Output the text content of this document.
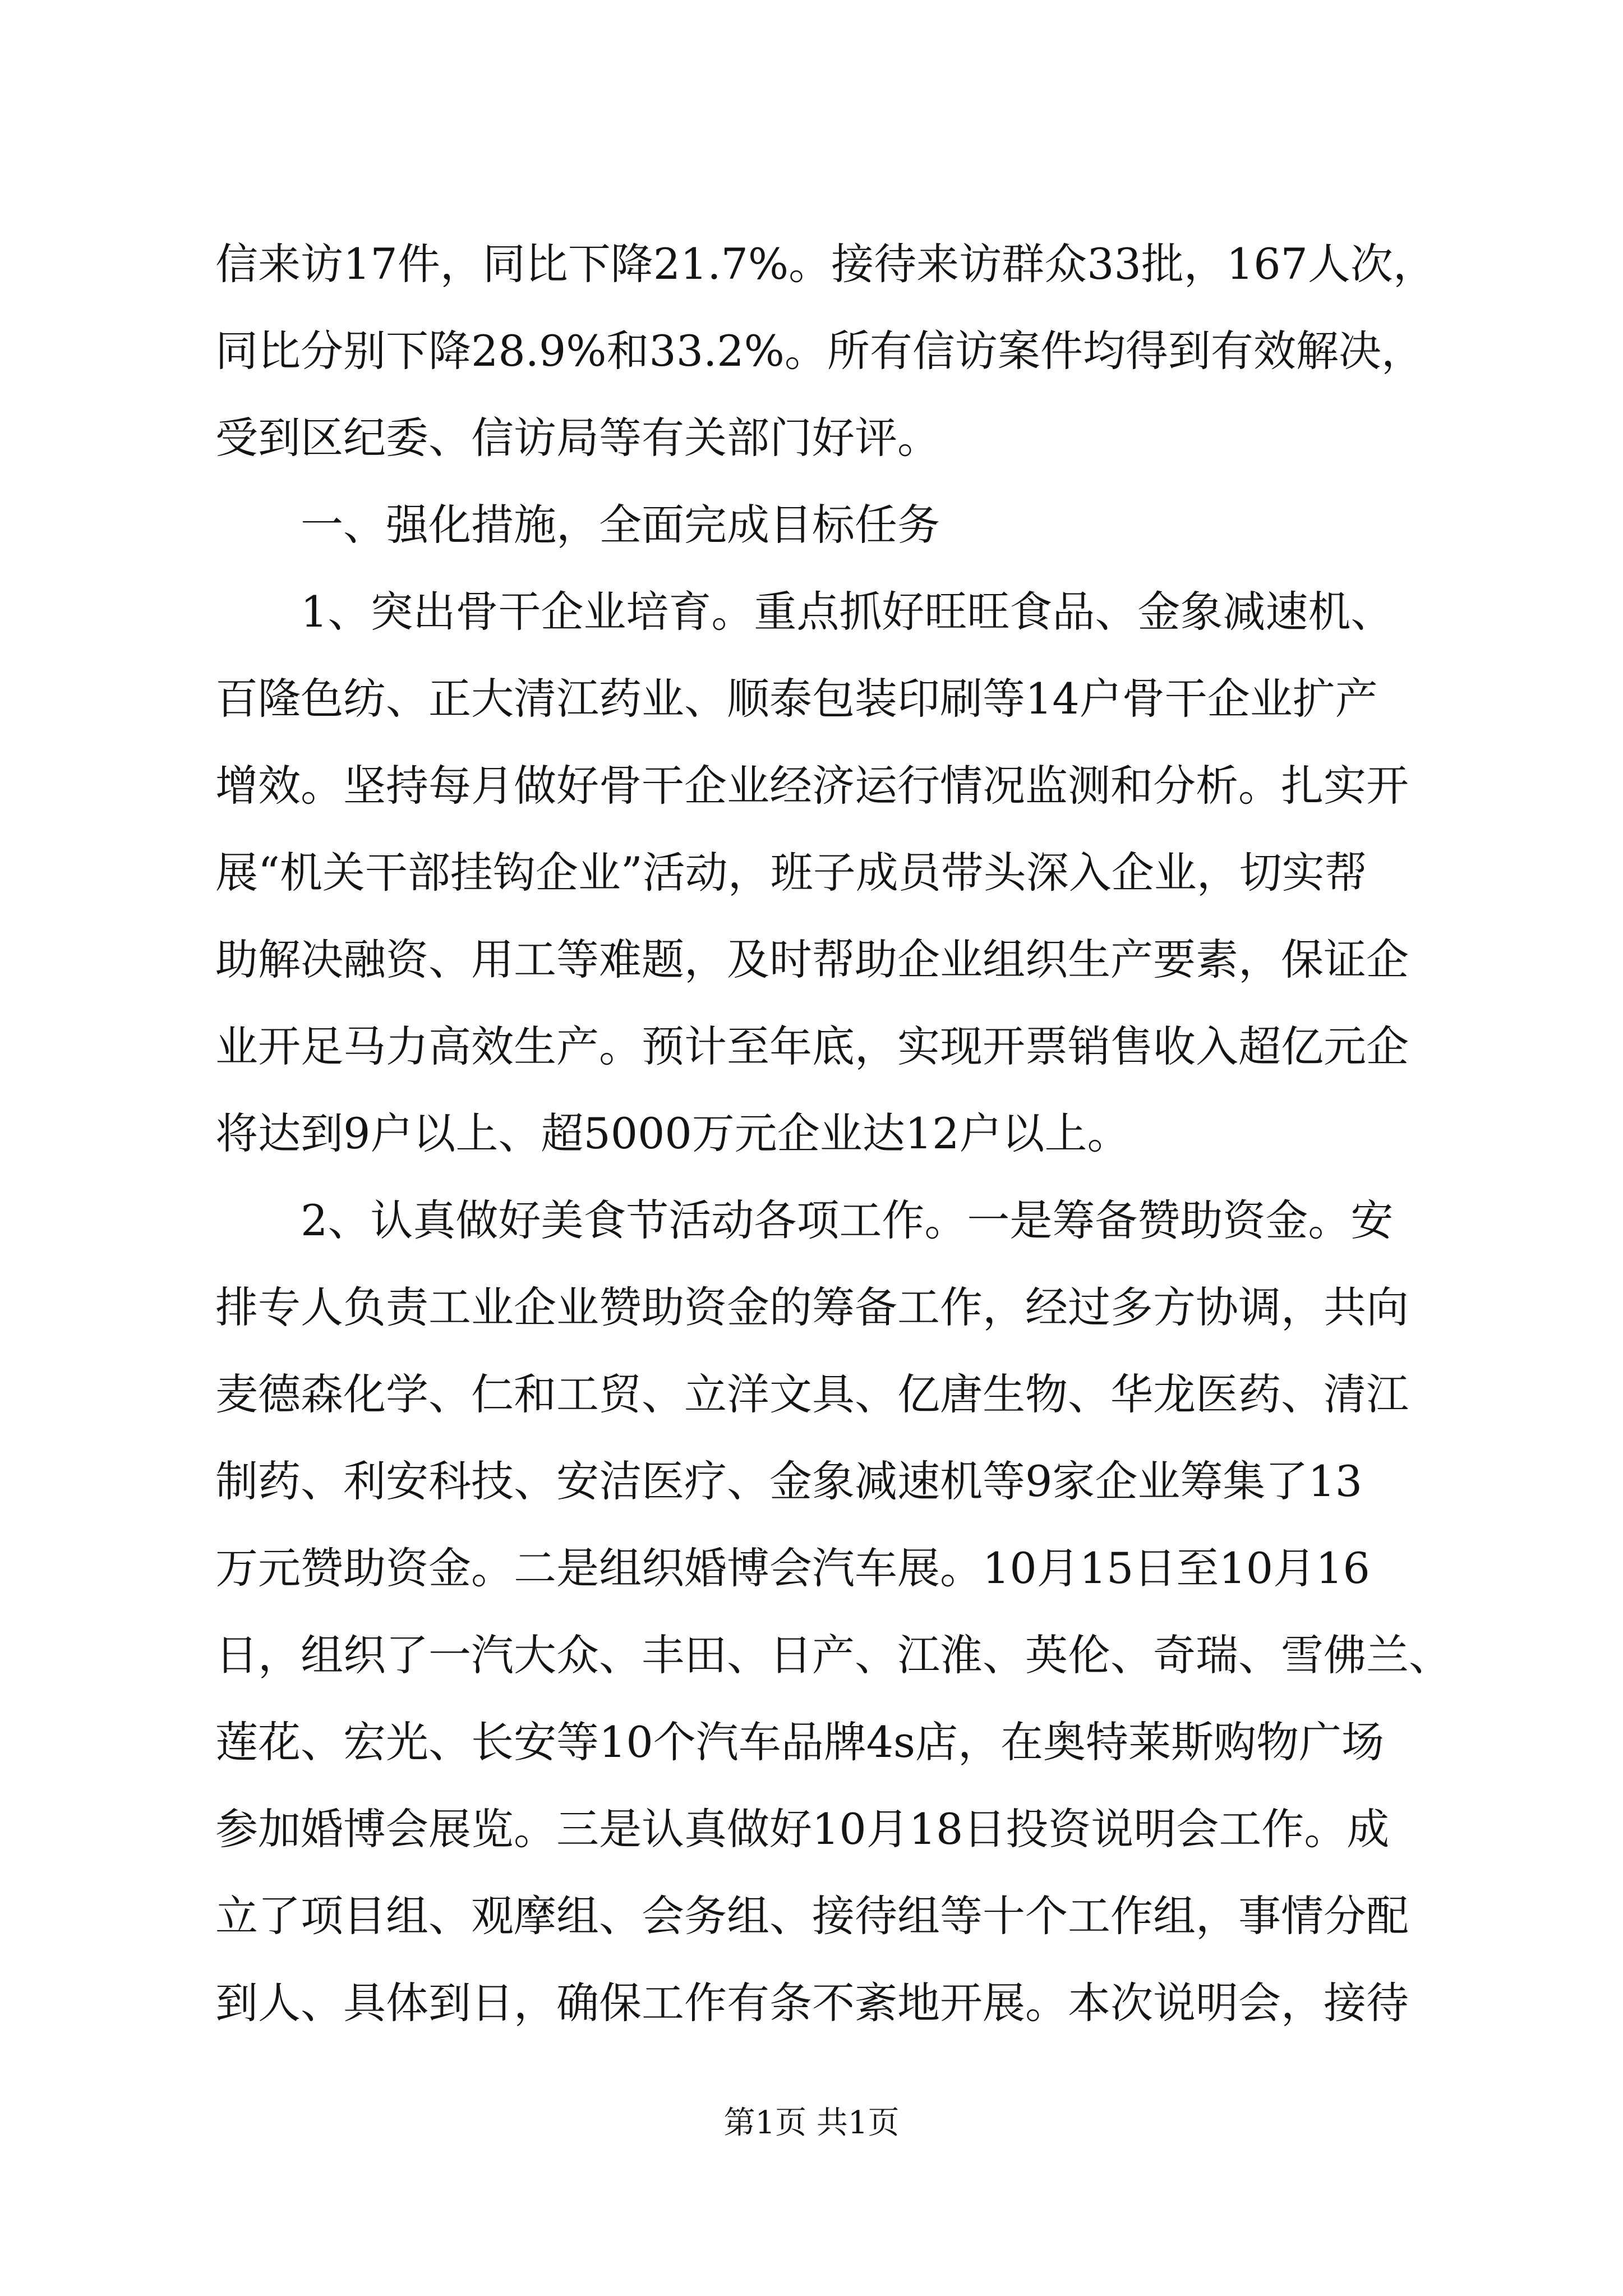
信来访17件，同比下降21.7%。接待来访群众33批，167人次，
同比分别下降28.9%和33.2%。所有信访案件均得到有效解决，
受到区纪委、信访局等有关部门好评。
一、强化措施，全面完成目标任务
1、突出骨干企业培育。重点抓好旺旺食品、金象减速机、
百隆色纺、正大清江药业、顺泰包装印刷等14户骨干企业扩产
增效。坚持每月做好骨干企业经济运行情况监测和分析。扎实开
展“机关干部挂钩企业”活动，班子成员带头深入企业，切实帮
助解决融资、用工等难题，及时帮助企业组织生产要素，保证企
业开足马力高效生产。预计至年底，实现开票销售收入超亿元企
将达到9户以上、超5000万元企业达12户以上。
2、认真做好美食节活动各项工作。一是筹备赞助资金。安
排专人负责工业企业赞助资金的筹备工作，经过多方协调，共向
麦德森化学、仁和工贸、立洋文具、亿唐生物、华龙医药、清江
制药、利安科技、安洁医疗、金象减速机等9家企业筹集了13
万元赞助资金。二是组织婚博会汽车展。10月15日至10月16
日，组织了一汽大众、丰田、日产、江淮、英伦、奇瑞、雪佛兰、
莲花、宏光、长安等10个汽车品牌4s店，在奥特莱斯购物广场
参加婚博会展览。三是认真做好10月18日投资说明会工作。成
立了项目组、观摩组、会务组、接待组等十个工作组，事情分配
到人、具体到日，确保工作有条不紊地开展。本次说明会，接待
第1页 共1页
